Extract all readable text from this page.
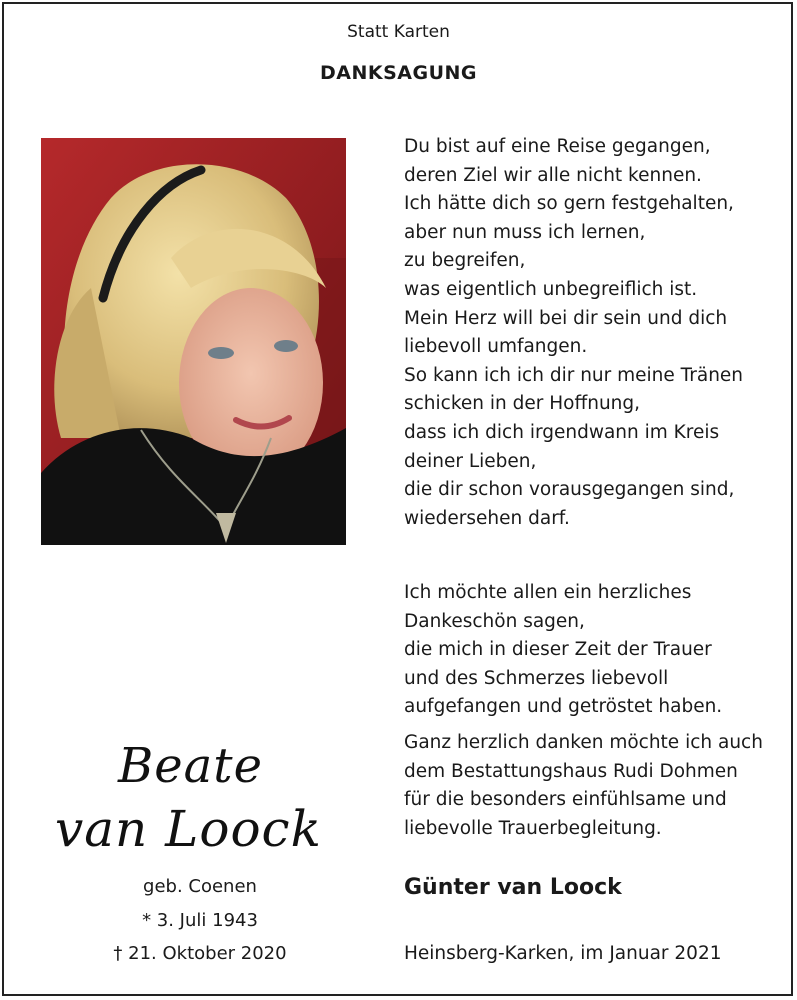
Statt Karten
DANKSAGUNG
Du bist auf eine Reise gegangen,
deren Ziel wir alle nicht kennen.
Ich hätte dich so gern festgehalten,
aber nun muss ich lernen,
zu begreifen,
was eigentlich unbegreiflich ist.
Mein Herz will bei dir sein und dich
liebevoll umfangen.
So kann ich ich dir nur meine Tränen
schicken in der Hoffnung,
dass ich dich irgendwann im Kreis
deiner Lieben,
die dir schon vorausgegangen sind,
wiedersehen darf.
Ich möchte allen ein herzliches
Dankeschön sagen,
die mich in dieser Zeit der Trauer
und des Schmerzes liebevoll
aufgefangen und getröstet haben.
Ganz herzlich danken möchte ich auch
dem Bestattungshaus Rudi Dohmen
für die besonders einfühlsame und
liebevolle Trauerbegleitung.
Beate
van Loock
geb. Coenen
* 3. Juli 1943
† 21. Oktober 2020
Günter van Loock
Heinsberg-Karken, im Januar 2021
